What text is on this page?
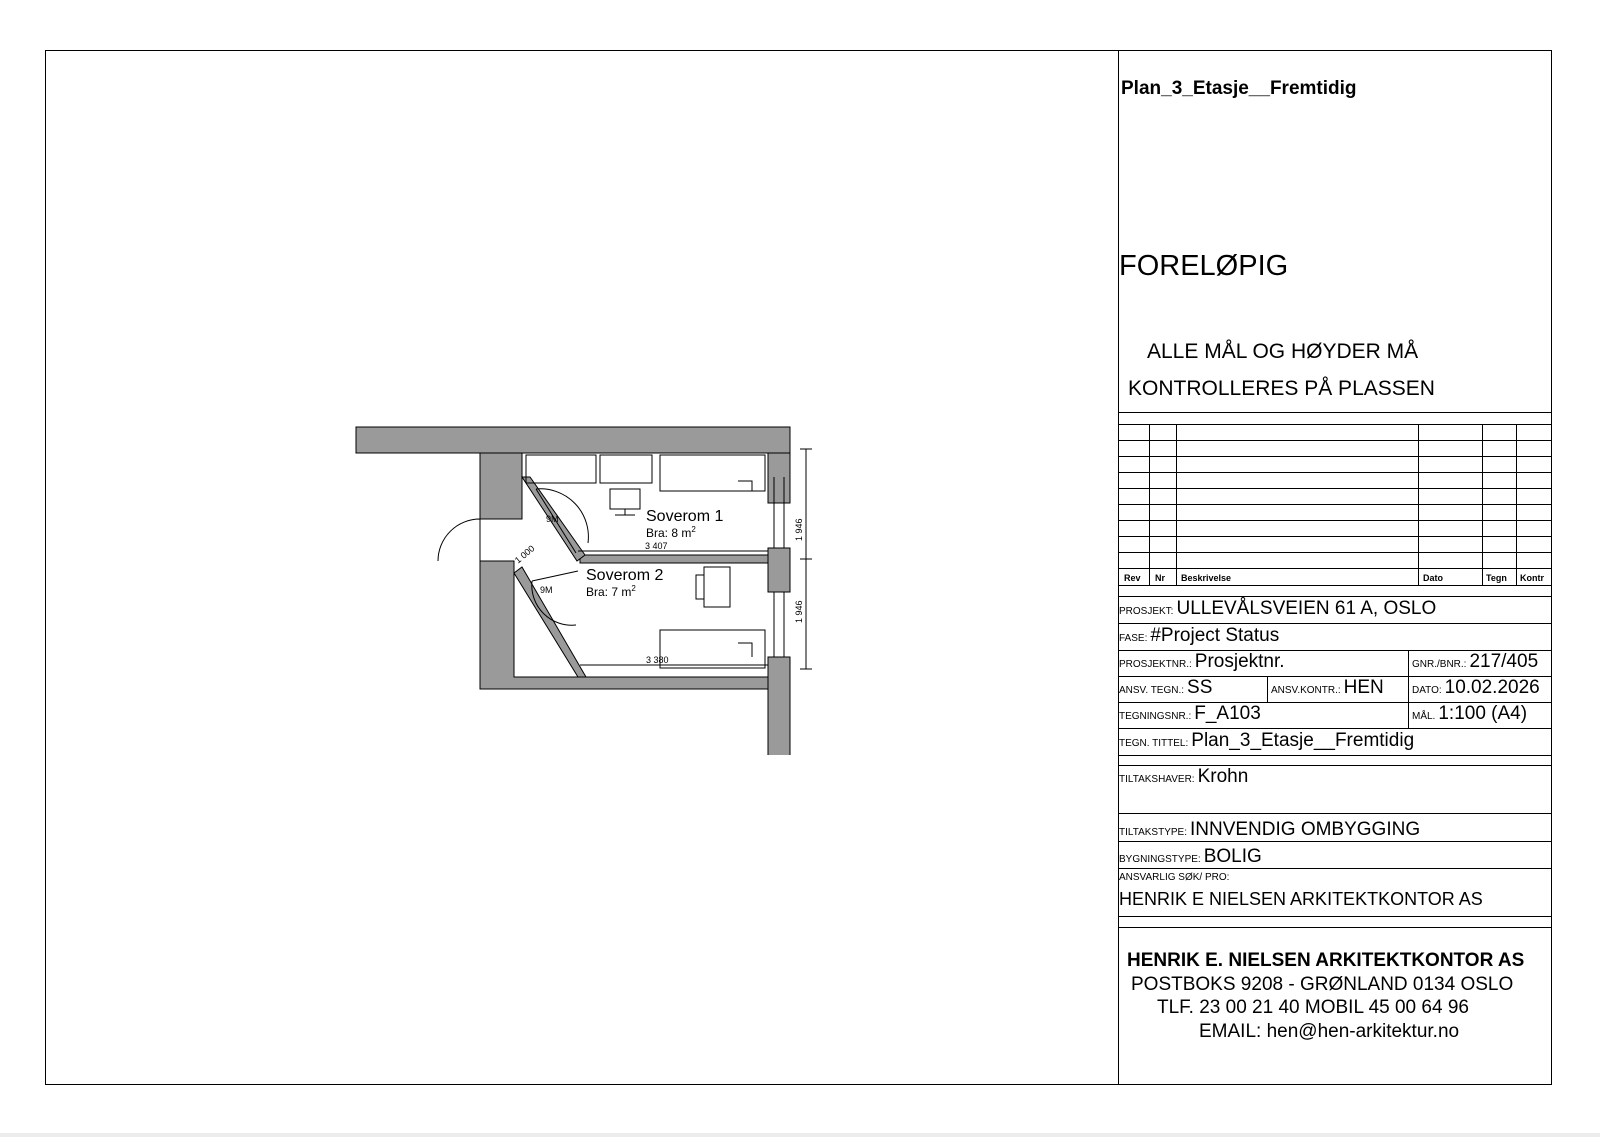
Soverom 1
Bra: 8 $m^2$
Soverom 2
Bra: 7 $m^2$
9M
9M
3 407
3 380
1 000
1 946
1 946
Plan_3_Etasje__Fremtidig
FORELØPIG
ALLE MÅL OG HØYDER MÅ
KONTROLLERES PÅ PLASSEN
Rev Nr Beskrivelse	Dato	Tegn Kontr
PROSJEKT: ULLEVÅLSVEIEN 61 A, OSLO
FASE: #Project Status
PROSJEKTNR.: Prosjektnr.	GNR./BNR.: 217/405
ANSV. TEGN.: SS	ANSV.KONTR.: HEN	DATO: 10.02.2026
TEGNINGSNR.: F_A103	MÅL. 1:100 (A4)
TEGN. TITTEL: Plan_3_Etasje__Fremtidig
TILTAKSHAVER: Krohn
TILTAKSTYPE: INNVENDIG OMBYGGING
BYGNINGSTYPE: BOLIG
ANSVARLIG SØK/ PRO:
HENRIK E NIELSEN ARKITEKTKONTOR AS
HENRIK E. NIELSEN ARKITEKTKONTOR AS
POSTBOKS 9208 - GRØNLAND 0134 OSLO
TLF. 23 00 21 40 MOBIL 45 00 64 96
EMAIL: hen@hen-arkitektur.no
